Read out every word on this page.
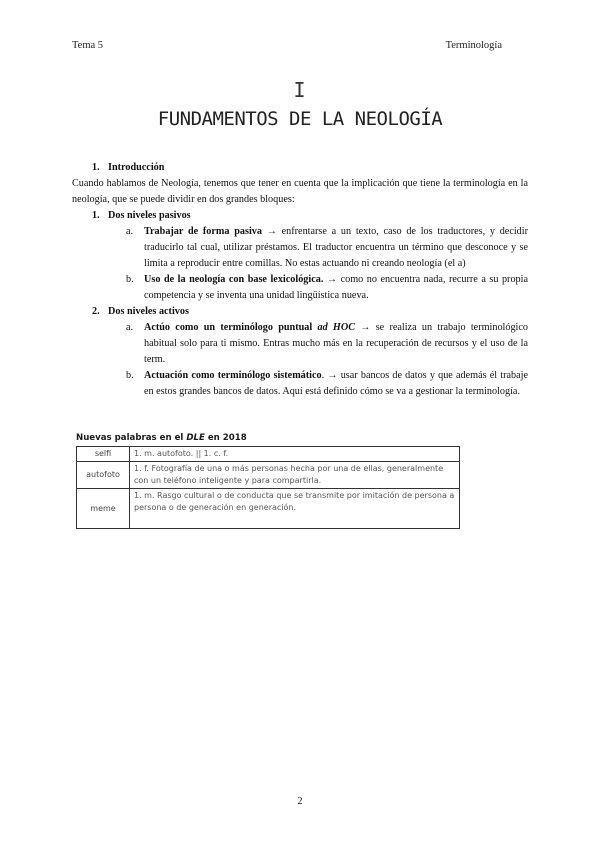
Tema 5	Terminología
I
FUNDAMENTOS DE LA NEOLOGÍA
1. Introducción

Cuando hablamos de Neología, tenemos que tener en cuenta que la implicación que tiene la terminología en la neología, que se puede dividir en dos grandes bloques:

1. Dos niveles pasivos
a. Trabajar de forma pasiva → enfrentarse a un texto, caso de los traductores, y decidir traducirlo tal cual, utilizar préstamos. El traductor encuentra un término que desconoce y se limita a reproducir entre comillas. No estas actuando ni creando neología (el a)
b. Uso de la neología con base lexicológica. → como no encuentra nada, recurre a su propia competencia y se inventa una unidad lingüística nueva.
2. Dos niveles activos
a. Actúo como un terminólogo puntual ad HOC → se realiza un trabajo terminológico habitual solo para ti mismo. Entras mucho más en la recuperación de recursos y el uso de la term.
b. Actuación como terminólogo sistemático. → usar bancos de datos y que además él trabaje en estos grandes bancos de datos. Aquí está definido cómo se va a gestionar la terminología.
Nuevas palabras en el DLE en 2018
selfi	1. m. autofoto. || 1. c. f.
autofoto	1. f. Fotografía de una o más personas hecha por una de ellas, generalmente con un teléfono inteligente y para compartirla.
meme	1. m. Rasgo cultural o de conducta que se transmite por imitación de persona a persona o de generación en generación.
2
